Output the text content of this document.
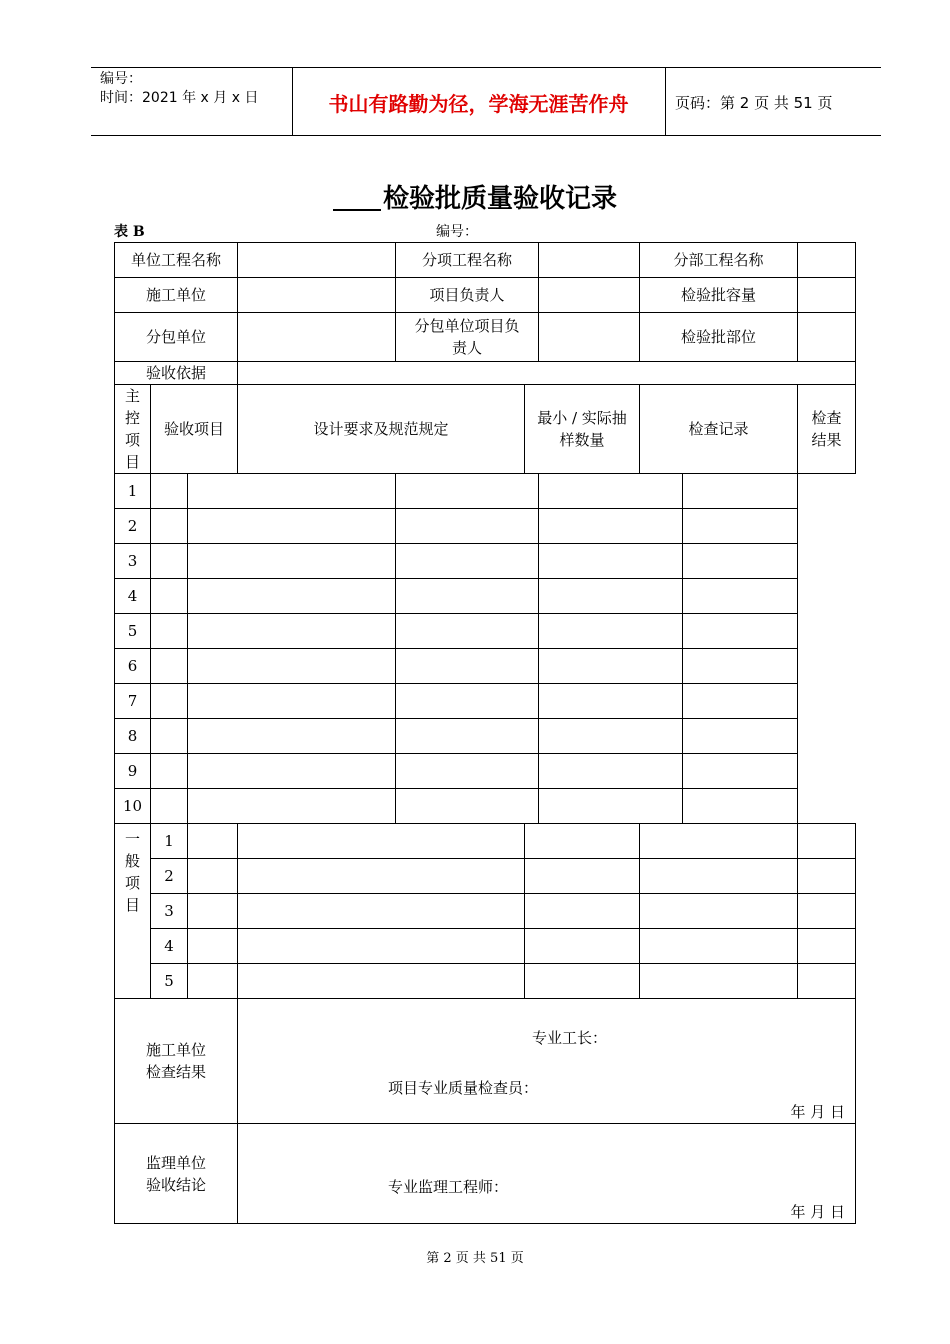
编号：
时间：2021 年 x 月 x 日	书山有路勤为径，学海无涯苦作舟	页码：第 2 页 共 51 页
检验批质量验收记录
表 B	编号：
单位工程名称				分项工程名称			分部工程名称		
施工单位				项目负责人			检验批容量		
分包单位				分包单位项目负责人			检验批部位		
验收依据									

主
控
项
目	验收项目		设计要求及规范规定		最小 / 实际抽样数量		检查记录		检查结果
1									
2									
3									
4									
5									
6									
7									
8									
9									
10									

一
般
项
目	1								
	2								
	3								
	4								
	5								
施工单位检查结果			专业工长：
项目专业质量检查员：
年 月 日						

监理单位验收结论			专业监理工程师：
年 月 日						
第 2 页 共 51 页
